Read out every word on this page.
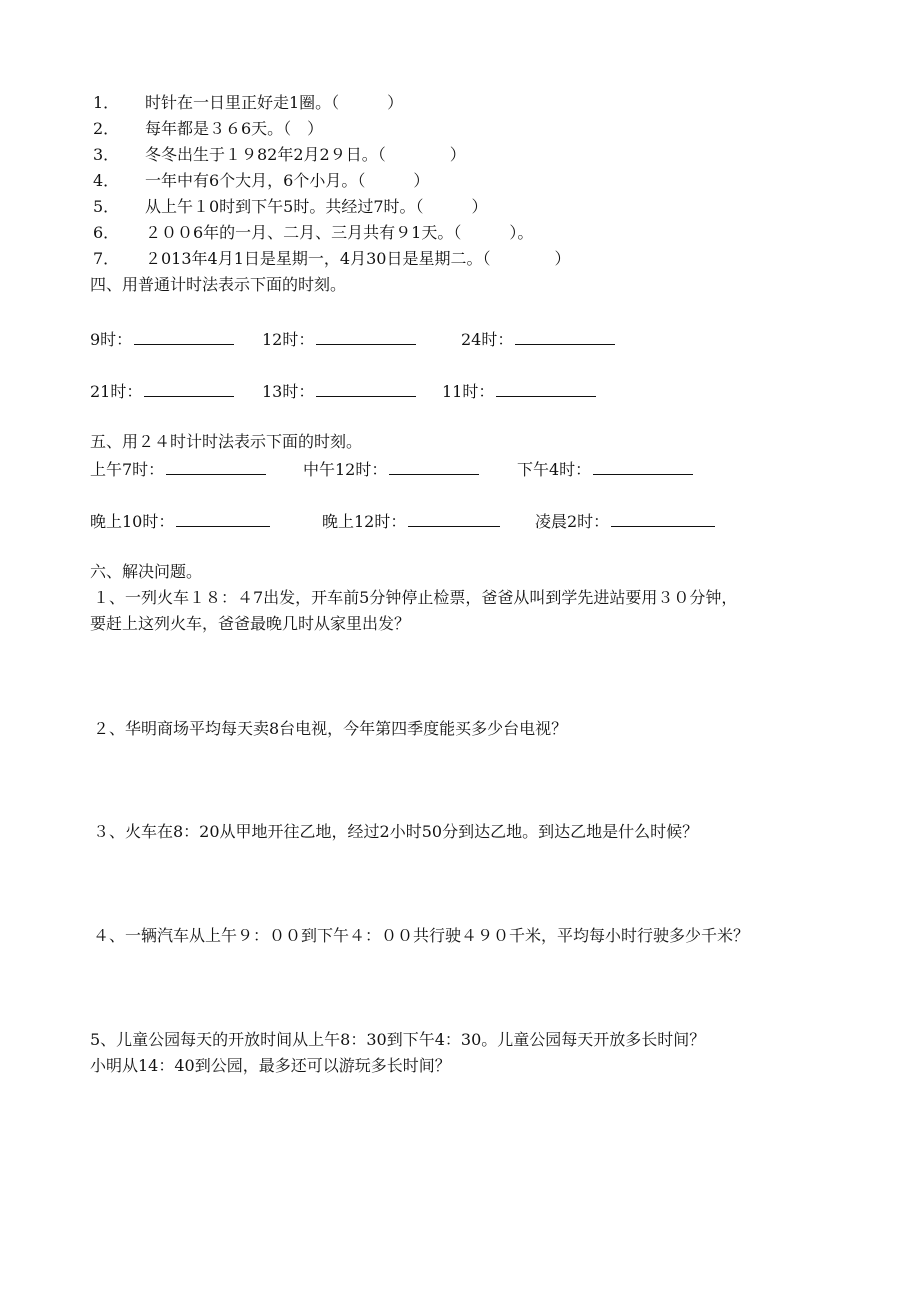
1． 时针在一日里正好走1圈。（　　　）
2． 每年都是３６6天。（　）
3． 冬冬出生于１９82年2月2９日。（　　　　）
4． 一年中有6个大月，6个小月。（　　　）
5． 从上午１0时到下午5时。共经过7时。（　　　）
6． ２００6年的一月、二月、三月共有９1天。（　　　）。
7． ２013年4月1日是星期一，4月30日是星期二。（　　　　）
四、用普通计时法表示下面的时刻。
9时：	12时：	24时：
21时：	13时：	11时：
五、用２４时计时法表示下面的时刻。
上午7时：	中午12时：	下午4时：
晚上10时：	晚上12时：	凌晨2时：
六、解决问题。
１、一列火车１８：４7出发，开车前5分钟停止检票，爸爸从叫到学先进站要用３０分钟，
要赶上这列火车，爸爸最晚几时从家里出发？
２、华明商场平均每天卖8台电视，今年第四季度能买多少台电视？
３、火车在8：20从甲地开往乙地，经过2小时50分到达乙地。到达乙地是什么时候？
４、一辆汽车从上午９：００到下午４：００共行驶４９０千米，平均每小时行驶多少千米？
5、儿童公园每天的开放时间从上午8：30到下午4：30。儿童公园每天开放多长时间？
小明从14：40到公园，最多还可以游玩多长时间？
